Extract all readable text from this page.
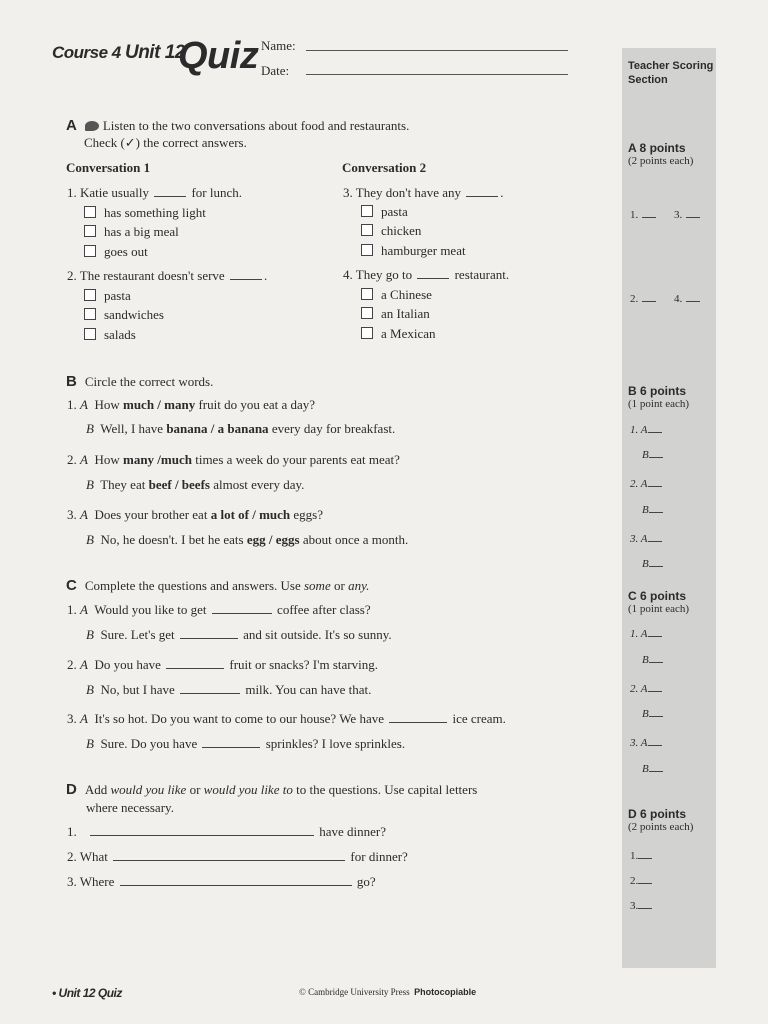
Course 4 Unit 12
Quiz Name:
Date:	Teacher Scoring
Section
A 8 points
(2 points each)
1.	3.
2.	4.
B 6 points
(1 point each)
1. A
B
2. A
B
3. A
B
C 6 points
(1 point each)
1. A
B
2. A
B
3. A
B
D 6 points
(2 points each)
1.
2.
3.
A Listen to the two conversations about food and restaurants.
Check (✓) the correct answers.
Conversation 1	Conversation 2
1. Katie usually	for lunch.
has something light
has a big meal
goes out
2. The restaurant doesn't serve	.
pasta
sandwiches
salads
3. They don't have any	.
pasta
chicken
hamburger meat
4. They go to	restaurant.
a Chinese
an Italian
a Mexican
B Circle the correct words.
1. A How much / many fruit do you eat a day?
B Well, I have banana / a banana every day for breakfast.
2. A How many /much times a week do your parents eat meat?
B They eat beef / beefs almost every day.
3. A Does your brother eat a lot of / much eggs?
B No, he doesn't. I bet he eats egg / eggs about once a month.
C Complete the questions and answers. Use some or any.
1. A Would you like to get	coffee after class?
B Sure. Let's get	and sit outside. It's so sunny.
2. A Do you have	fruit or snacks? I'm starving.
B No, but I have	milk. You can have that.
3. A It's so hot. Do you want to come to our house? We have	ice cream.
B Sure. Do you have	sprinkles? I love sprinkles.
D Add would you like or would you like to to the questions. Use capital letters
where necessary.
1.	have dinner?
2. What	for dinner?
3. Where	go?
• Unit 12 Quiz	© Cambridge University Press Photocopiable
